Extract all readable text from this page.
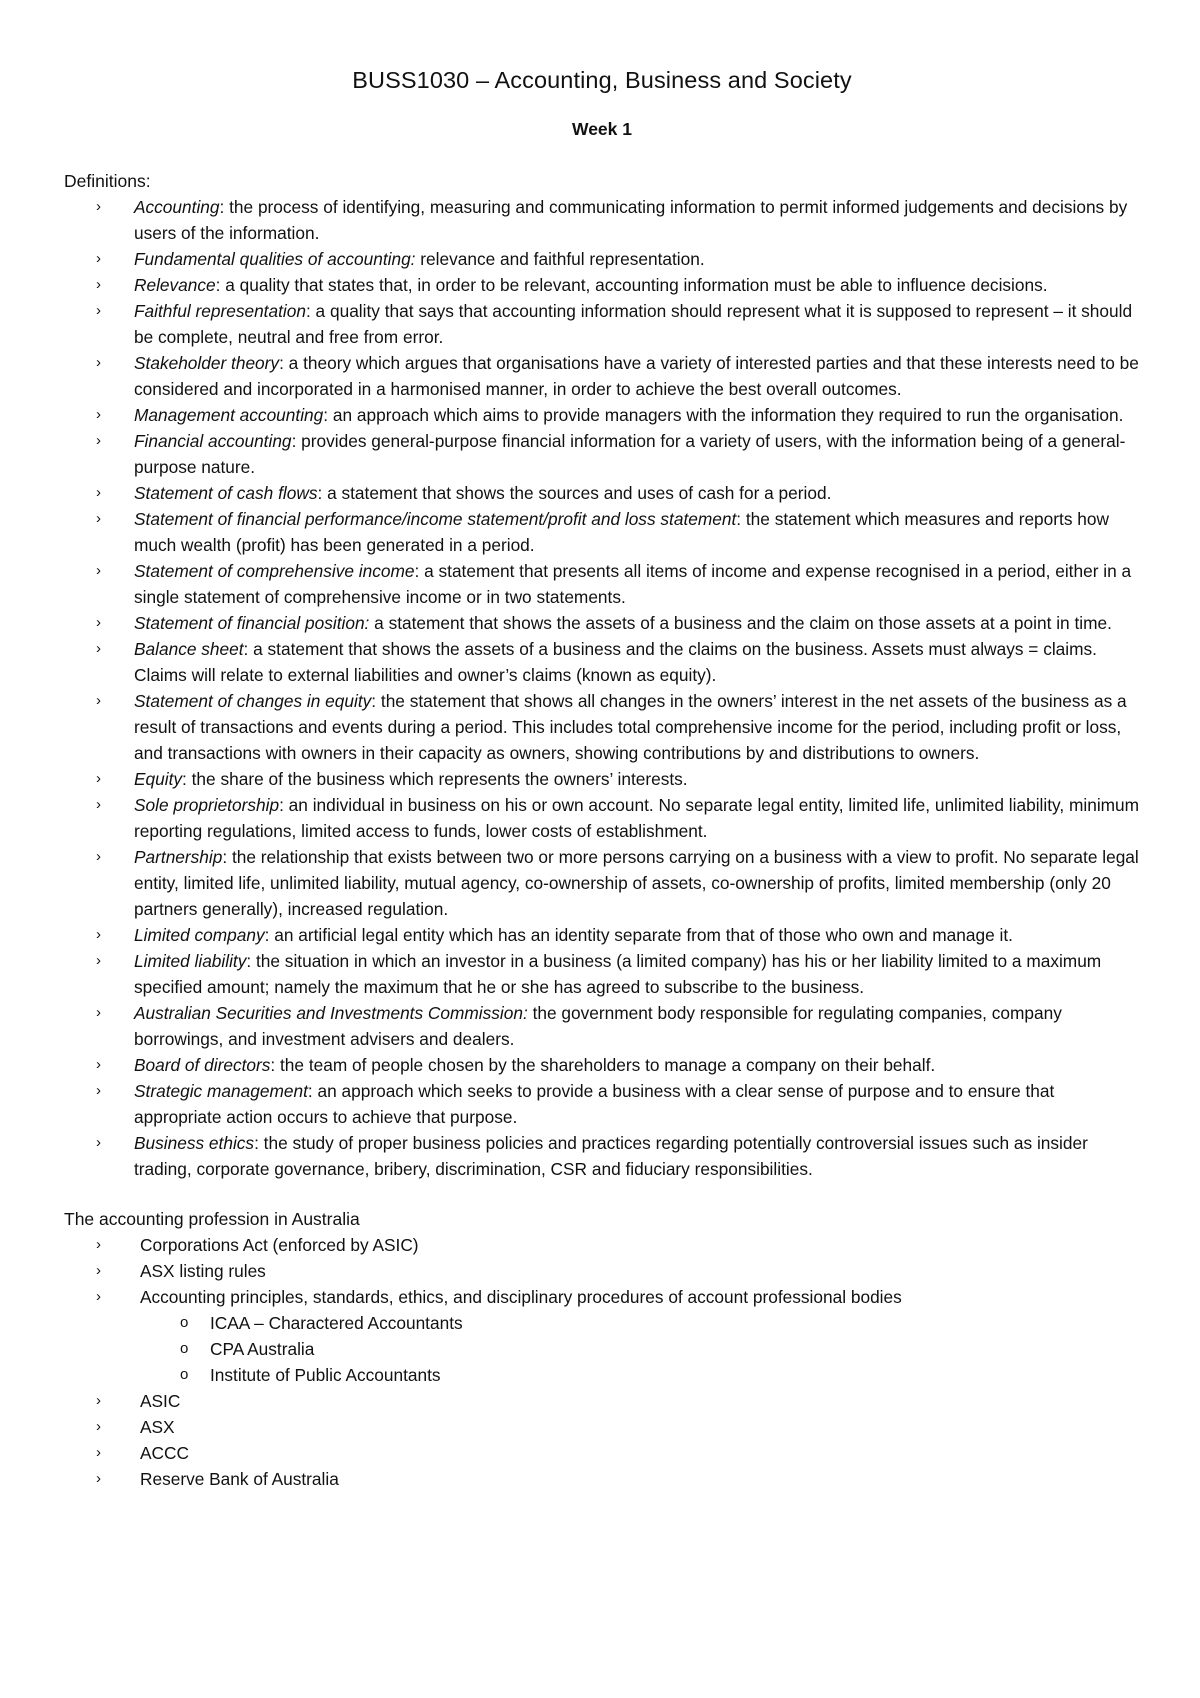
BUSS1030 – Accounting, Business and Society
Week 1
Definitions:
› Accounting: the process of identifying, measuring and communicating information to permit informed judgements and decisions by users of the information.
› Fundamental qualities of accounting: relevance and faithful representation.
› Relevance: a quality that states that, in order to be relevant, accounting information must be able to influence decisions.
› Faithful representation: a quality that says that accounting information should represent what it is supposed to represent – it should be complete, neutral and free from error.
› Stakeholder theory: a theory which argues that organisations have a variety of interested parties and that these interests need to be considered and incorporated in a harmonised manner, in order to achieve the best overall outcomes.
› Management accounting: an approach which aims to provide managers with the information they required to run the organisation.
› Financial accounting: provides general-purpose financial information for a variety of users, with the information being of a general-purpose nature.
› Statement of cash flows: a statement that shows the sources and uses of cash for a period.
› Statement of financial performance/income statement/profit and loss statement: the statement which measures and reports how much wealth (profit) has been generated in a period.
› Statement of comprehensive income: a statement that presents all items of income and expense recognised in a period, either in a single statement of comprehensive income or in two statements.
› Statement of financial position: a statement that shows the assets of a business and the claim on those assets at a point in time.
› Balance sheet: a statement that shows the assets of a business and the claims on the business. Assets must always = claims. Claims will relate to external liabilities and owner’s claims (known as equity).
› Statement of changes in equity: the statement that shows all changes in the owners’ interest in the net assets of the business as a result of transactions and events during a period. This includes total comprehensive income for the period, including profit or loss, and transactions with owners in their capacity as owners, showing contributions by and distributions to owners.
› Equity: the share of the business which represents the owners’ interests.
› Sole proprietorship: an individual in business on his or own account. No separate legal entity, limited life, unlimited liability, minimum reporting regulations, limited access to funds, lower costs of establishment.
› Partnership: the relationship that exists between two or more persons carrying on a business with a view to profit. No separate legal entity, limited life, unlimited liability, mutual agency, co-ownership of assets, co-ownership of profits, limited membership (only 20 partners generally), increased regulation.
› Limited company: an artificial legal entity which has an identity separate from that of those who own and manage it.
› Limited liability: the situation in which an investor in a business (a limited company) has his or her liability limited to a maximum specified amount; namely the maximum that he or she has agreed to subscribe to the business.
› Australian Securities and Investments Commission: the government body responsible for regulating companies, company borrowings, and investment advisers and dealers.
› Board of directors: the team of people chosen by the shareholders to manage a company on their behalf.
› Strategic management: an approach which seeks to provide a business with a clear sense of purpose and to ensure that appropriate action occurs to achieve that purpose.
› Business ethics: the study of proper business policies and practices regarding potentially controversial issues such as insider trading, corporate governance, bribery, discrimination, CSR and fiduciary responsibilities.
The accounting profession in Australia
› Corporations Act (enforced by ASIC)
› ASX listing rules
› Accounting principles, standards, ethics, and disciplinary procedures of account professional bodies
o ICAA – Charactered Accountants
o CPA Australia
o Institute of Public Accountants
› ASIC
› ASX
› ACCC
› Reserve Bank of Australia
